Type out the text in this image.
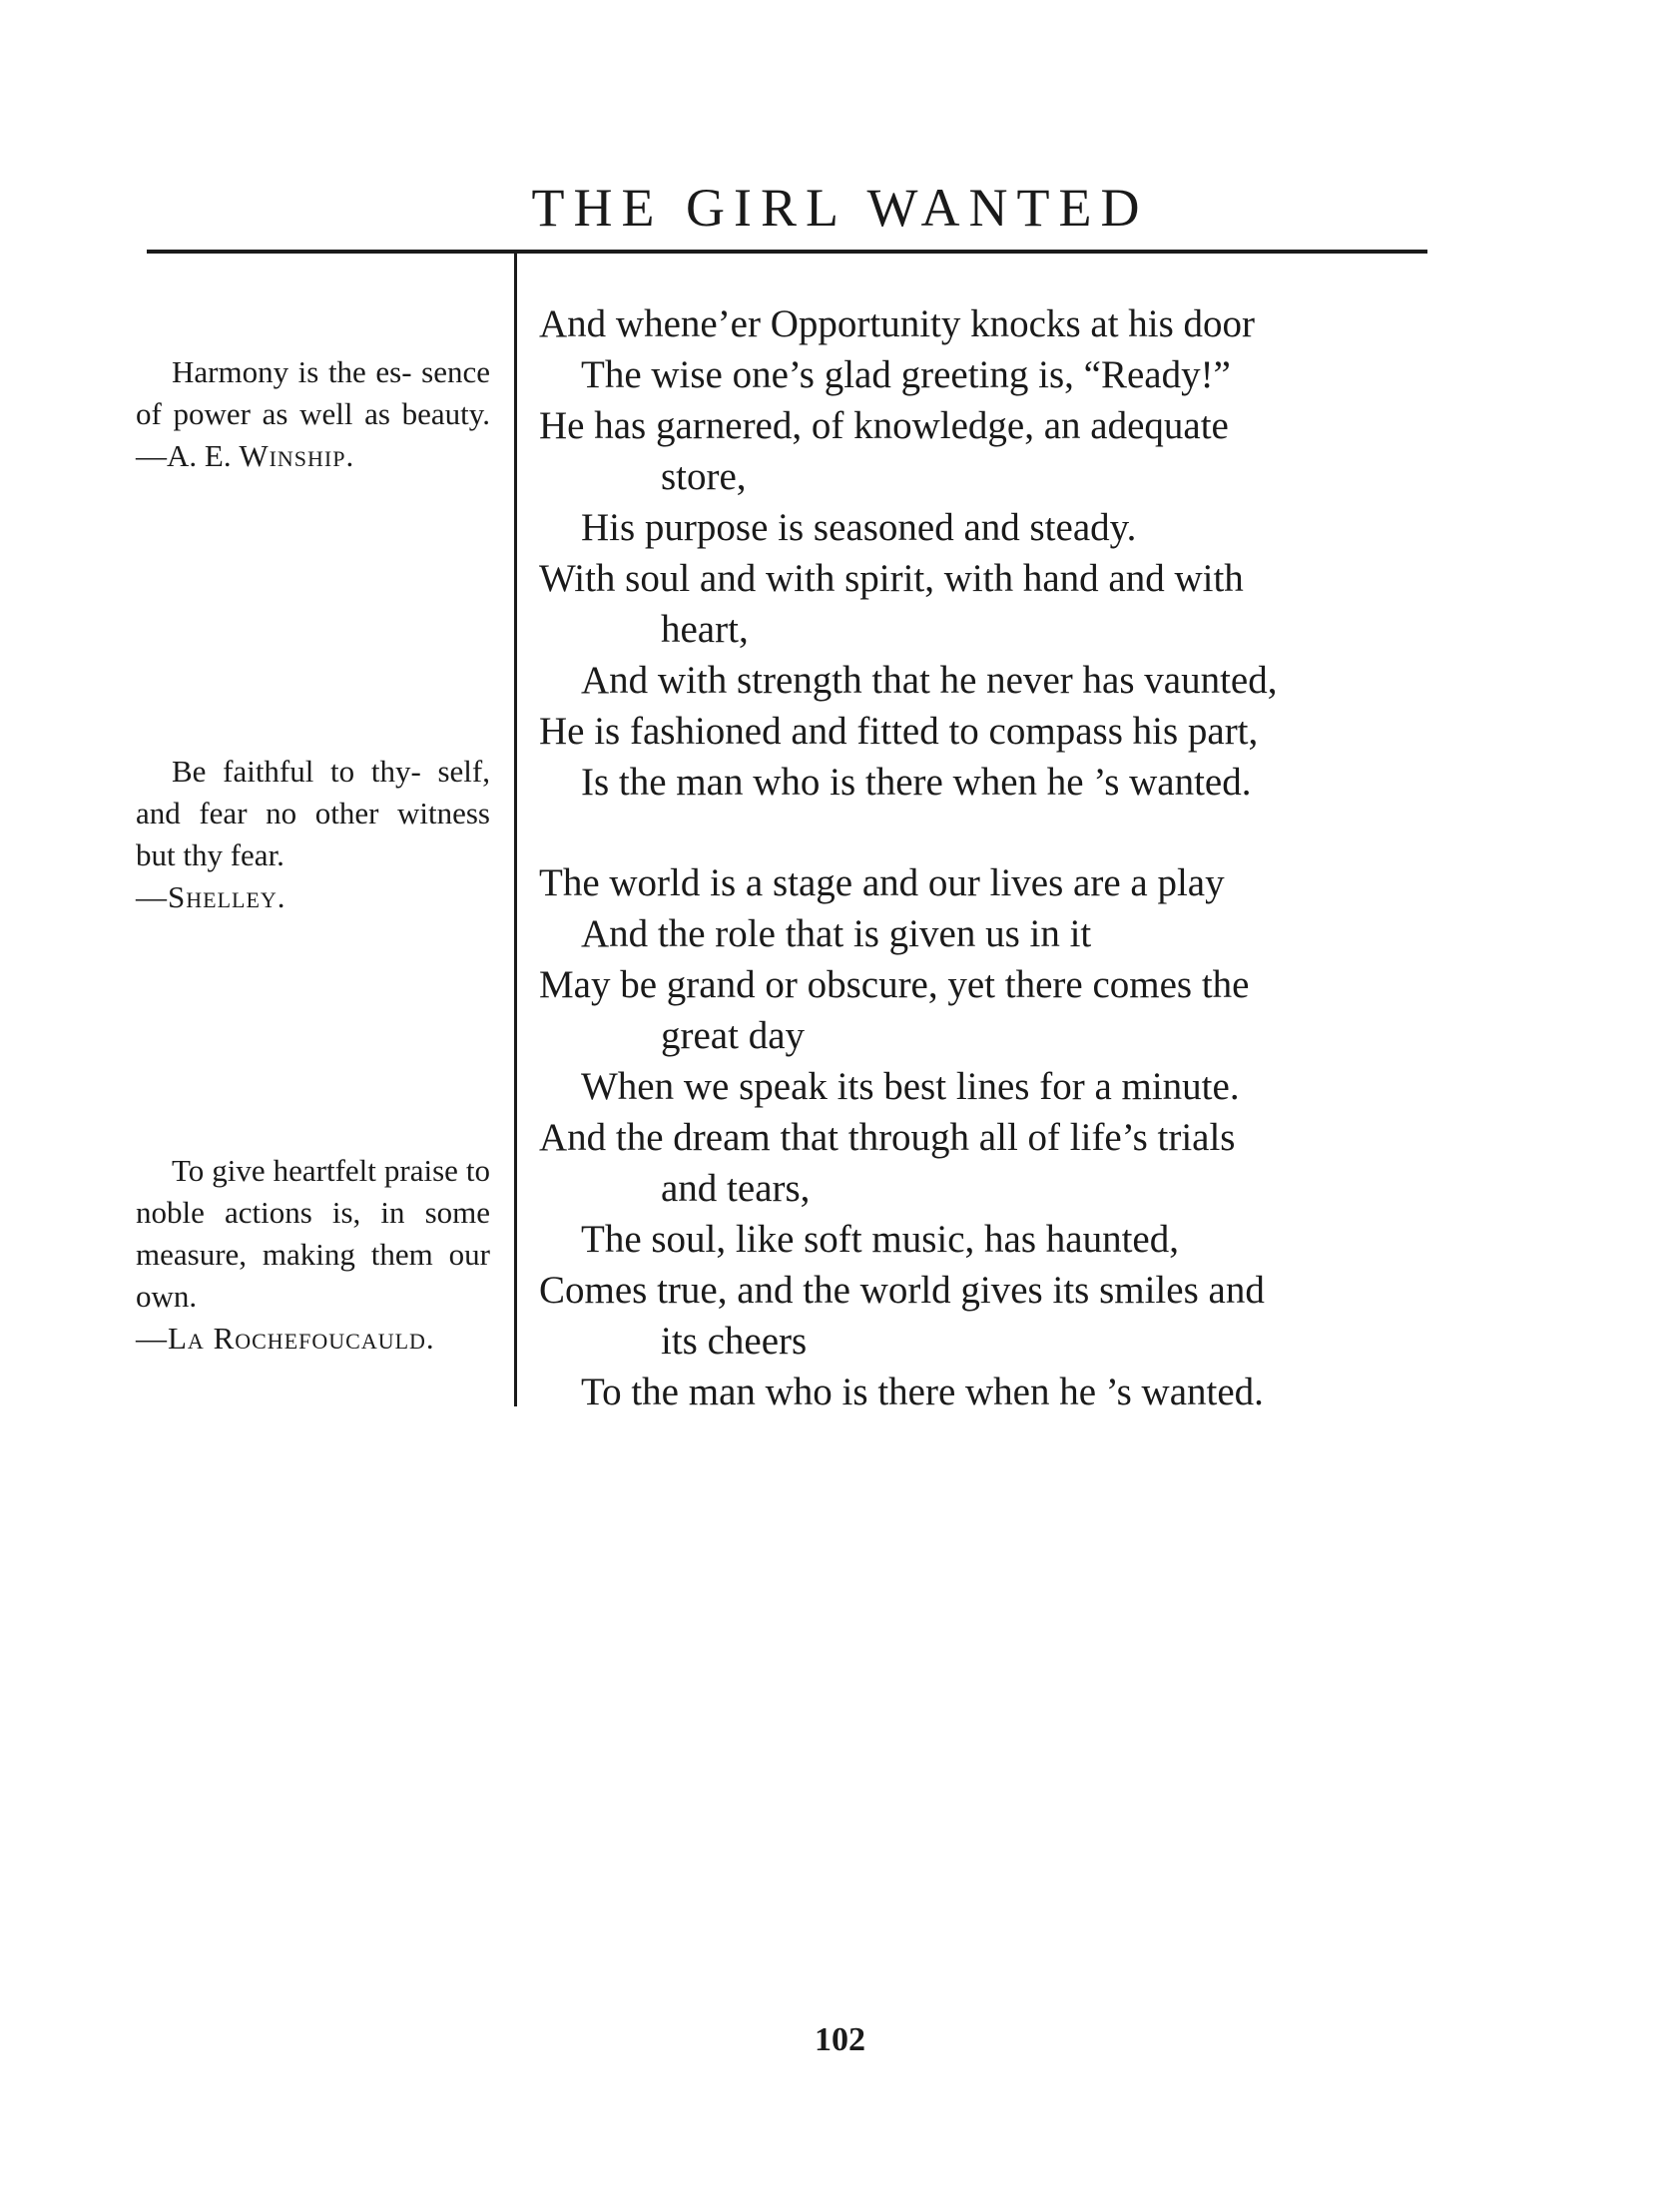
THE GIRL WANTED
Harmony is the es- sence of power as well as beauty.—A. E. Winship.
Be faithful to thy- self, and fear no other witness but thy fear.
—Shelley.
To give heartfelt praise to noble actions is, in some measure, making them our own.
—La Rochefoucauld.
And whene’er Opportunity knocks at his door
The wise one’s glad greeting is, “Ready!”
He has garnered, of knowledge, an adequate
store,
His purpose is seasoned and steady.
With soul and with spirit, with hand and with
heart,
And with strength that he never has vaunted,
He is fashioned and fitted to compass his part,
Is the man who is there when he ’s wanted.
The world is a stage and our lives are a play
And the role that is given us in it
May be grand or obscure, yet there comes the
great day
When we speak its best lines for a minute.
And the dream that through all of life’s trials
and tears,
The soul, like soft music, has haunted,
Comes true, and the world gives its smiles and
its cheers
To the man who is there when he ’s wanted.
102
